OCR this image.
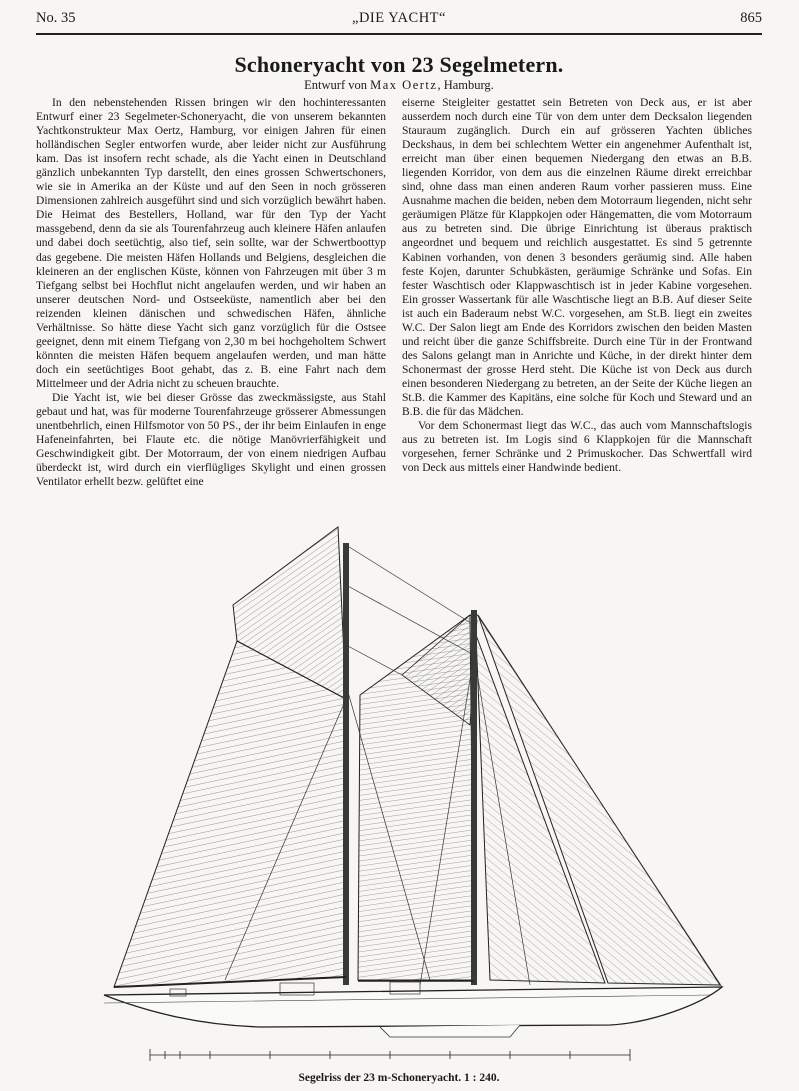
No. 35	„DIE YACHT“	865
Schoneryacht von 23 Segelmetern.
Entwurf von Max Oertz, Hamburg.

In den nebenstehenden Rissen bringen wir den hochinteressanten Entwurf einer 23 Segelmeter-Schoneryacht, die von unserem bekannten Yachtkonstrukteur Max Oertz, Hamburg, vor einigen Jahren für einen holländischen Segler entworfen wurde, aber leider nicht zur Ausführung kam. Das ist insofern recht schade, als die Yacht einen in Deutschland gänzlich unbekannten Typ darstellt, den eines grossen Schwertschoners, wie sie in Amerika an der Küste und auf den Seen in noch grösseren Dimensionen zahlreich ausgeführt sind und sich vorzüglich bewährt haben. Die Heimat des Bestellers, Holland, war für den Typ der Yacht massgebend, denn da sie als Tourenfahrzeug auch kleinere Häfen anlaufen und dabei doch seetüchtig, also tief, sein sollte, war der Schwertboottyp das gegebene. Die meisten Häfen Hollands und Belgiens, desgleichen die kleineren an der englischen Küste, können von Fahrzeugen mit über 3 m Tiefgang selbst bei Hochflut nicht angelaufen werden, und wir haben an unserer deutschen Nord- und Ostseeküste, namentlich aber bei den reizenden kleinen dänischen und schwedischen Häfen, ähnliche Verhältnisse. So hätte diese Yacht sich ganz vorzüglich für die Ostsee geeignet, denn mit einem Tiefgang von 2,30 m bei hochgeholtem Schwert könnten die meisten Häfen bequem angelaufen werden, und man hätte doch ein seetüchtiges Boot gehabt, das z. B. eine Fahrt nach dem Mittelmeer und der Adria nicht zu scheuen brauchte.

Die Yacht ist, wie bei dieser Grösse das zweckmässigste, aus Stahl gebaut und hat, was für moderne Tourenfahrzeuge grösserer Abmessungen unentbehrlich, einen Hilfsmotor von 50 PS., der ihr beim Einlaufen in enge Hafeneinfahrten, bei Flaute etc. die nötige Manövrierfähigkeit und Geschwindigkeit gibt. Der Motorraum, der von einem niedrigen Aufbau überdeckt ist, wird durch ein vierflügliges Skylight und einen grossen Ventilator erhellt bezw. gelüftet eine

eiserne Steigleiter gestattet sein Betreten von Deck aus, er ist aber ausserdem noch durch eine Tür von dem unter dem Decksalon liegenden Stauraum zugänglich. Durch ein auf grösseren Yachten übliches Deckshaus, in dem bei schlechtem Wetter ein angenehmer Aufenthalt ist, erreicht man über einen bequemen Niedergang den etwas an B.B. liegenden Korridor, von dem aus die einzelnen Räume direkt erreichbar sind, ohne dass man einen anderen Raum vorher passieren muss. Eine Ausnahme machen die beiden, neben dem Motorraum liegenden, nicht sehr geräumigen Plätze für Klappkojen oder Hängematten, die vom Motorraum aus zu betreten sind. Die übrige Einrichtung ist überaus praktisch angeordnet und bequem und reichlich ausgestattet. Es sind 5 getrennte Kabinen vorhanden, von denen 3 besonders geräumig sind. Alle haben feste Kojen, darunter Schubkästen, geräumige Schränke und Sofas. Ein fester Waschtisch oder Klappwaschtisch ist in jeder Kabine vorgesehen. Ein grosser Wassertank für alle Waschtische liegt an B.B. Auf dieser Seite ist auch ein Baderaum nebst W.C. vorgesehen, am St.B. liegt ein zweites W.C. Der Salon liegt am Ende des Korridors zwischen den beiden Masten und reicht über die ganze Schiffsbreite. Durch eine Tür in der Frontwand des Salons gelangt man in Anrichte und Küche, in der direkt hinter dem Schonermast der grosse Herd steht. Die Küche ist von Deck aus durch einen besonderen Niedergang zu betreten, an der Seite der Küche liegen an St.B. die Kammer des Kapitäns, eine solche für Koch und Steward und an B.B. die für das Mädchen.

Vor dem Schonermast liegt das W.C., das auch vom Mannschaftslogis aus zu betreten ist. Im Logis sind 6 Klappkojen für die Mannschaft vorgesehen, ferner Schränke und 2 Primuskocher. Das Schwertfall wird von Deck aus mittels einer Handwinde bedient.

Segelriss der 23 m-Schoneryacht. 1 : 240.
